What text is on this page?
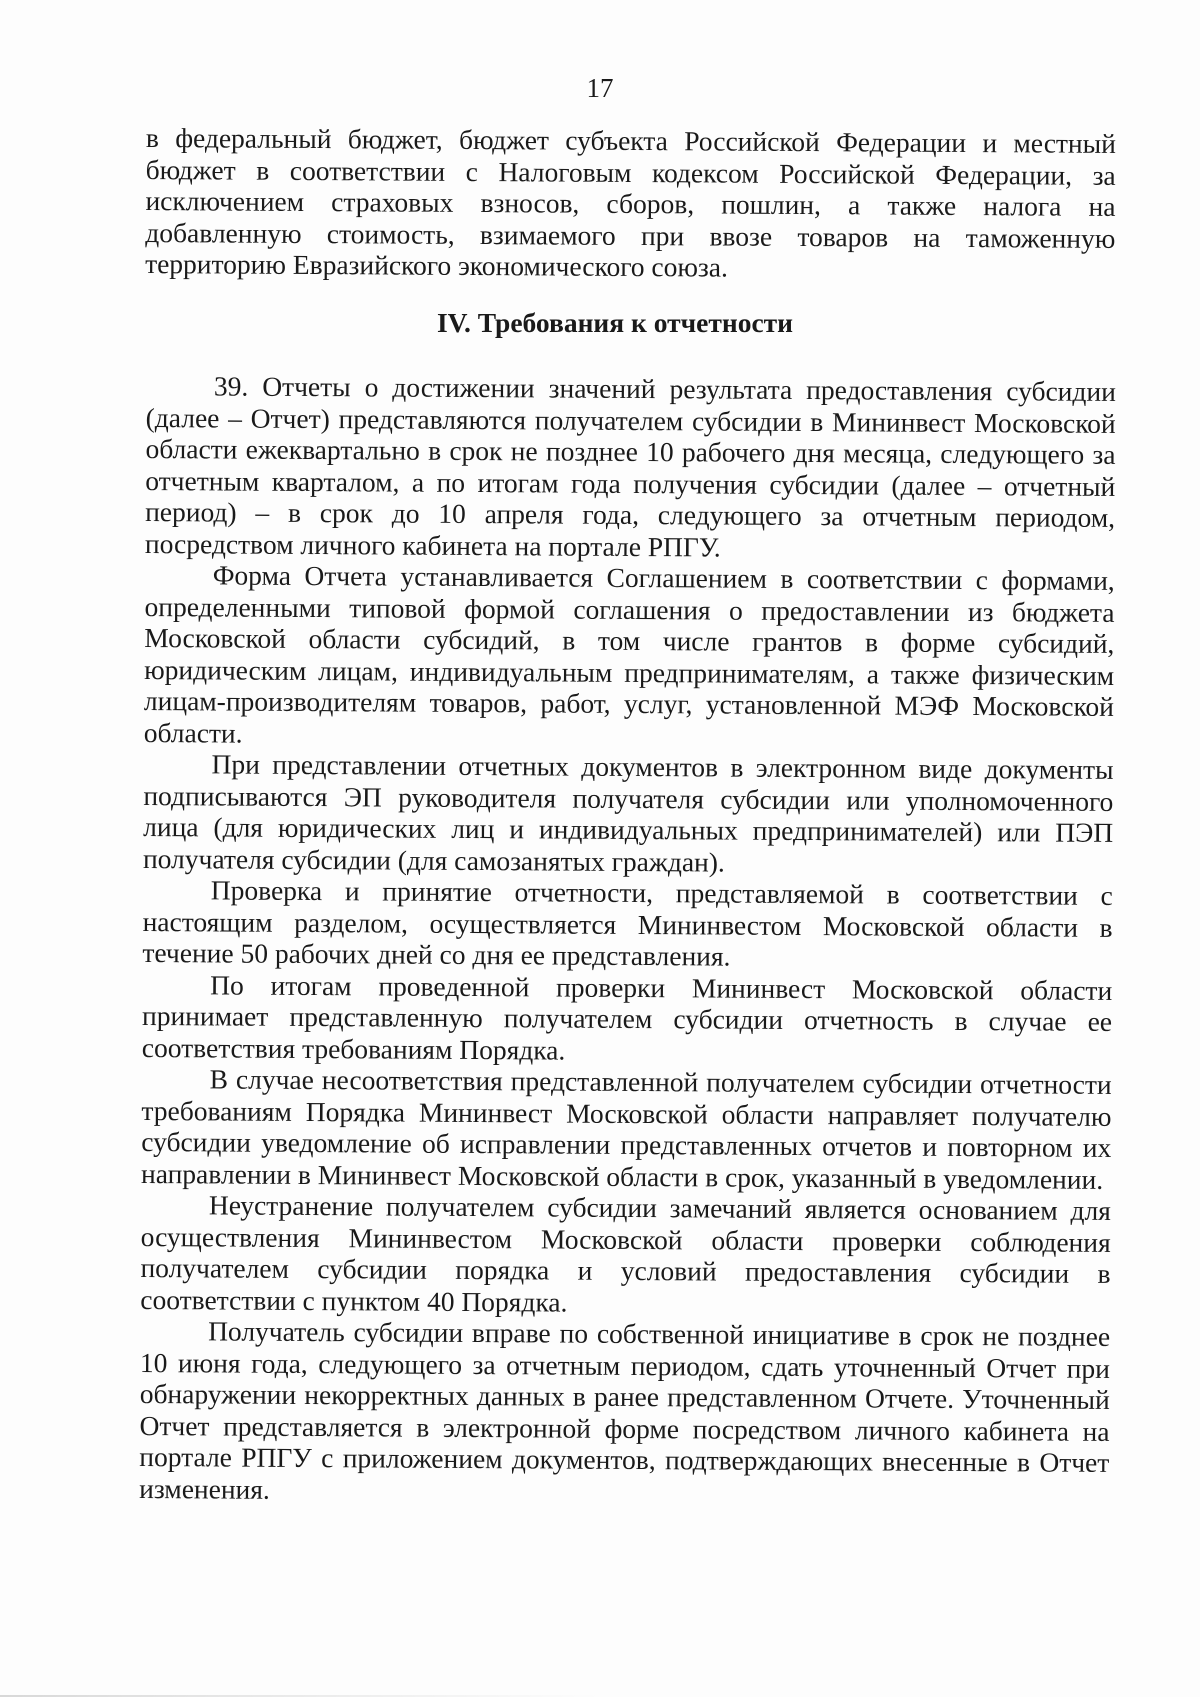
17

в федеральный бюджет, бюджет субъекта Российской Федерации и местный бюджет в соответствии с Налоговым кодексом Российской Федерации, за исключением страховых взносов, сборов, пошлин, а также налога на добавленную стоимость, взимаемого при ввозе товаров на таможенную территорию Евразийского экономического союза.

IV. Требования к отчетности

39. Отчеты о достижении значений результата предоставления субсидии (далее – Отчет) представляются получателем субсидии в Мининвест Московской области ежеквартально в срок не позднее 10 рабочего дня месяца, следующего за отчетным кварталом, а по итогам года получения субсидии (далее – отчетный период) – в срок до 10 апреля года, следующего за отчетным периодом, посредством личного кабинета на портале РПГУ.

Форма Отчета устанавливается Соглашением в соответствии с формами, определенными типовой формой соглашения о предоставлении из бюджета Московской области субсидий, в том числе грантов в форме субсидий, юридическим лицам, индивидуальным предпринимателям, а также физическим лицам-производителям товаров, работ, услуг, установленной МЭФ Московской области.

При представлении отчетных документов в электронном виде документы подписываются ЭП руководителя получателя субсидии или уполномоченного лица (для юридических лиц и индивидуальных предпринимателей) или ПЭП получателя субсидии (для самозанятых граждан).

Проверка и принятие отчетности, представляемой в соответствии с настоящим разделом, осуществляется Мининвестом Московской области в течение 50 рабочих дней со дня ее представления.

По итогам проведенной проверки Мининвест Московской области принимает представленную получателем субсидии отчетность в случае ее соответствия требованиям Порядка.

В случае несоответствия представленной получателем субсидии отчетности требованиям Порядка Мининвест Московской области направляет получателю субсидии уведомление об исправлении представленных отчетов и повторном их направлении в Мининвест Московской области в срок, указанный в уведомлении.

Неустранение получателем субсидии замечаний является основанием для осуществления Мининвестом Московской области проверки соблюдения получателем субсидии порядка и условий предоставления субсидии в соответствии с пунктом 40 Порядка.

Получатель субсидии вправе по собственной инициативе в срок не позднее 10 июня года, следующего за отчетным периодом, сдать уточненный Отчет при обнаружении некорректных данных в ранее представленном Отчете. Уточненный Отчет представляется в электронной форме посредством личного кабинета на портале РПГУ с приложением документов, подтверждающих внесенные в Отчет изменения.
